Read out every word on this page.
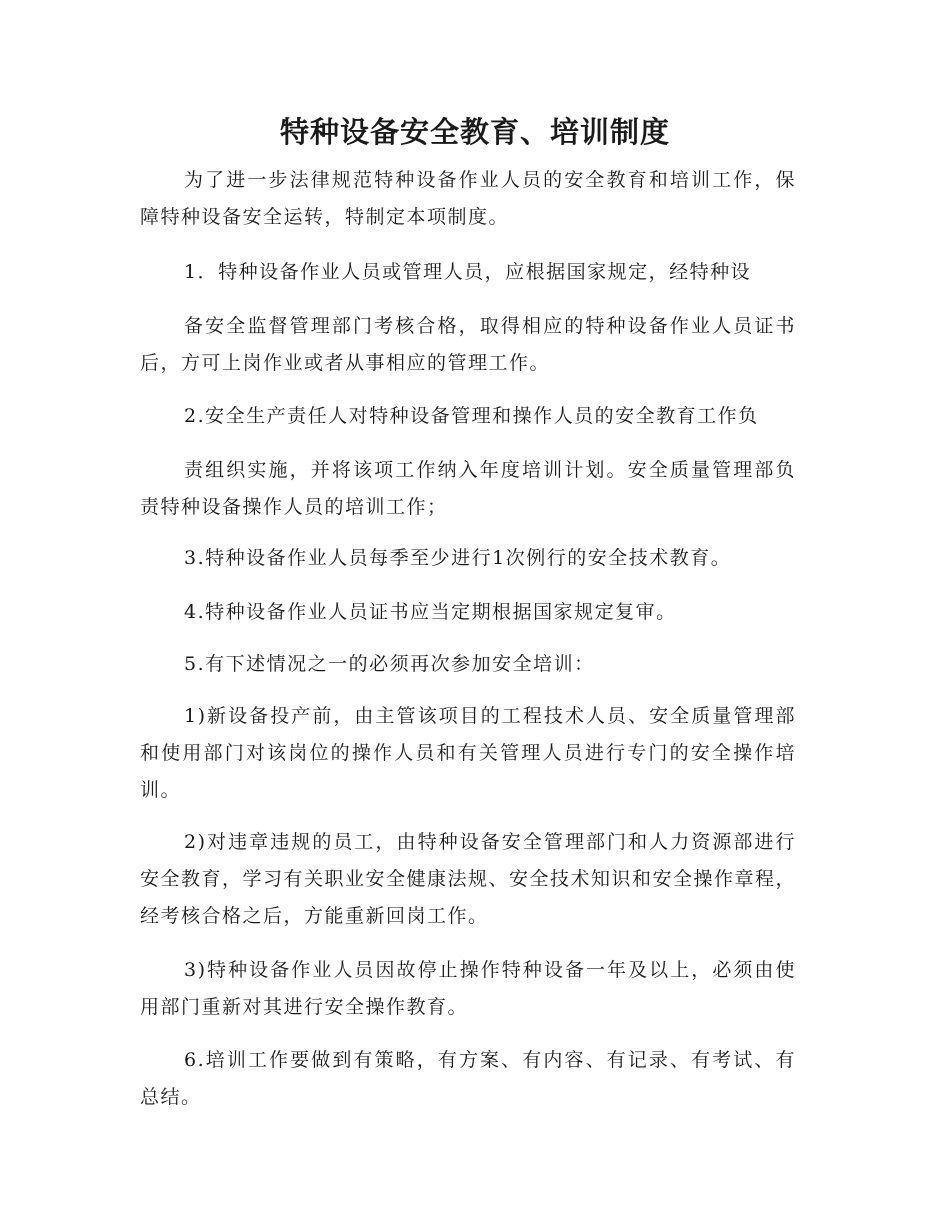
特种设备安全教育、培训制度
为了进一步法律规范特种设备作业人员的安全教育和培训工作，保障特种设备安全运转，特制定本项制度。
1．特种设备作业人员或管理人员，应根据国家规定，经特种设
备安全监督管理部门考核合格，取得相应的特种设备作业人员证书后，方可上岗作业或者从事相应的管理工作。
2.安全生产责任人对特种设备管理和操作人员的安全教育工作负
责组织实施，并将该项工作纳入年度培训计划。安全质量管理部负责特种设备操作人员的培训工作；
3.特种设备作业人员每季至少进行1次例行的安全技术教育。
4.特种设备作业人员证书应当定期根据国家规定复审。
5.有下述情况之一的必须再次参加安全培训：
1)新设备投产前，由主管该项目的工程技术人员、安全质量管理部和使用部门对该岗位的操作人员和有关管理人员进行专门的安全操作培训。
2)对违章违规的员工，由特种设备安全管理部门和人力资源部进行安全教育，学习有关职业安全健康法规、安全技术知识和安全操作章程，经考核合格之后，方能重新回岗工作。
3)特种设备作业人员因故停止操作特种设备一年及以上，必须由使用部门重新对其进行安全操作教育。
6.培训工作要做到有策略，有方案、有内容、有记录、有考试、有总结。
